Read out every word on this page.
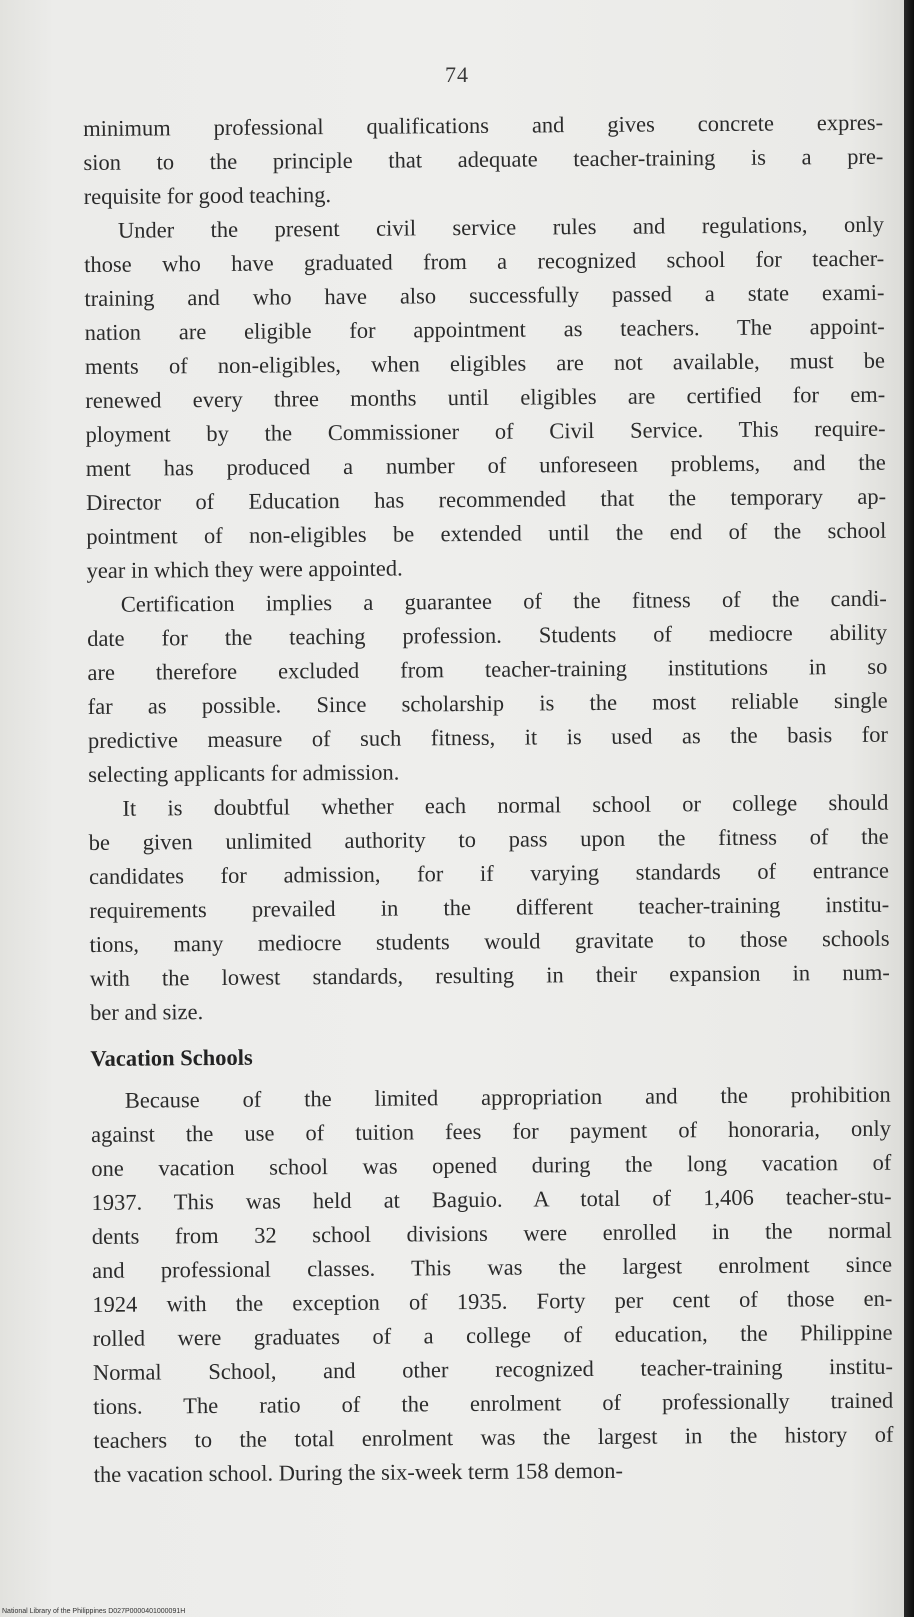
74
minimum professional qualifications and gives concrete expres-
sion to the principle that adequate teacher-training is a pre-
requisite for good teaching.
Under the present civil service rules and regulations, only
those who have graduated from a recognized school for teacher-
training and who have also successfully passed a state exami-
nation are eligible for appointment as teachers. The appoint-
ments of non-eligibles, when eligibles are not available, must be
renewed every three months until eligibles are certified for em-
ployment by the Commissioner of Civil Service. This require-
ment has produced a number of unforeseen problems, and the
Director of Education has recommended that the temporary ap-
pointment of non-eligibles be extended until the end of the school
year in which they were appointed.
Certification implies a guarantee of the fitness of the candi-
date for the teaching profession. Students of mediocre ability
are therefore excluded from teacher-training institutions in so
far as possible. Since scholarship is the most reliable single
predictive measure of such fitness, it is used as the basis for
selecting applicants for admission.
It is doubtful whether each normal school or college should
be given unlimited authority to pass upon the fitness of the
candidates for admission, for if varying standards of entrance
requirements prevailed in the different teacher-training institu-
tions, many mediocre students would gravitate to those schools
with the lowest standards, resulting in their expansion in num-
ber and size.
Vacation Schools
Because of the limited appropriation and the prohibition
against the use of tuition fees for payment of honoraria, only
one vacation school was opened during the long vacation of
1937. This was held at Baguio. A total of 1,406 teacher-stu-
dents from 32 school divisions were enrolled in the normal
and professional classes. This was the largest enrolment since
1924 with the exception of 1935. Forty per cent of those en-
rolled were graduates of a college of education, the Philippine
Normal School, and other recognized teacher-training institu-
tions. The ratio of the enrolment of professionally trained
teachers to the total enrolment was the largest in the history of
the vacation school. During the six-week term 158 demon-
National Library of the Philippines D027P0000401000091H
